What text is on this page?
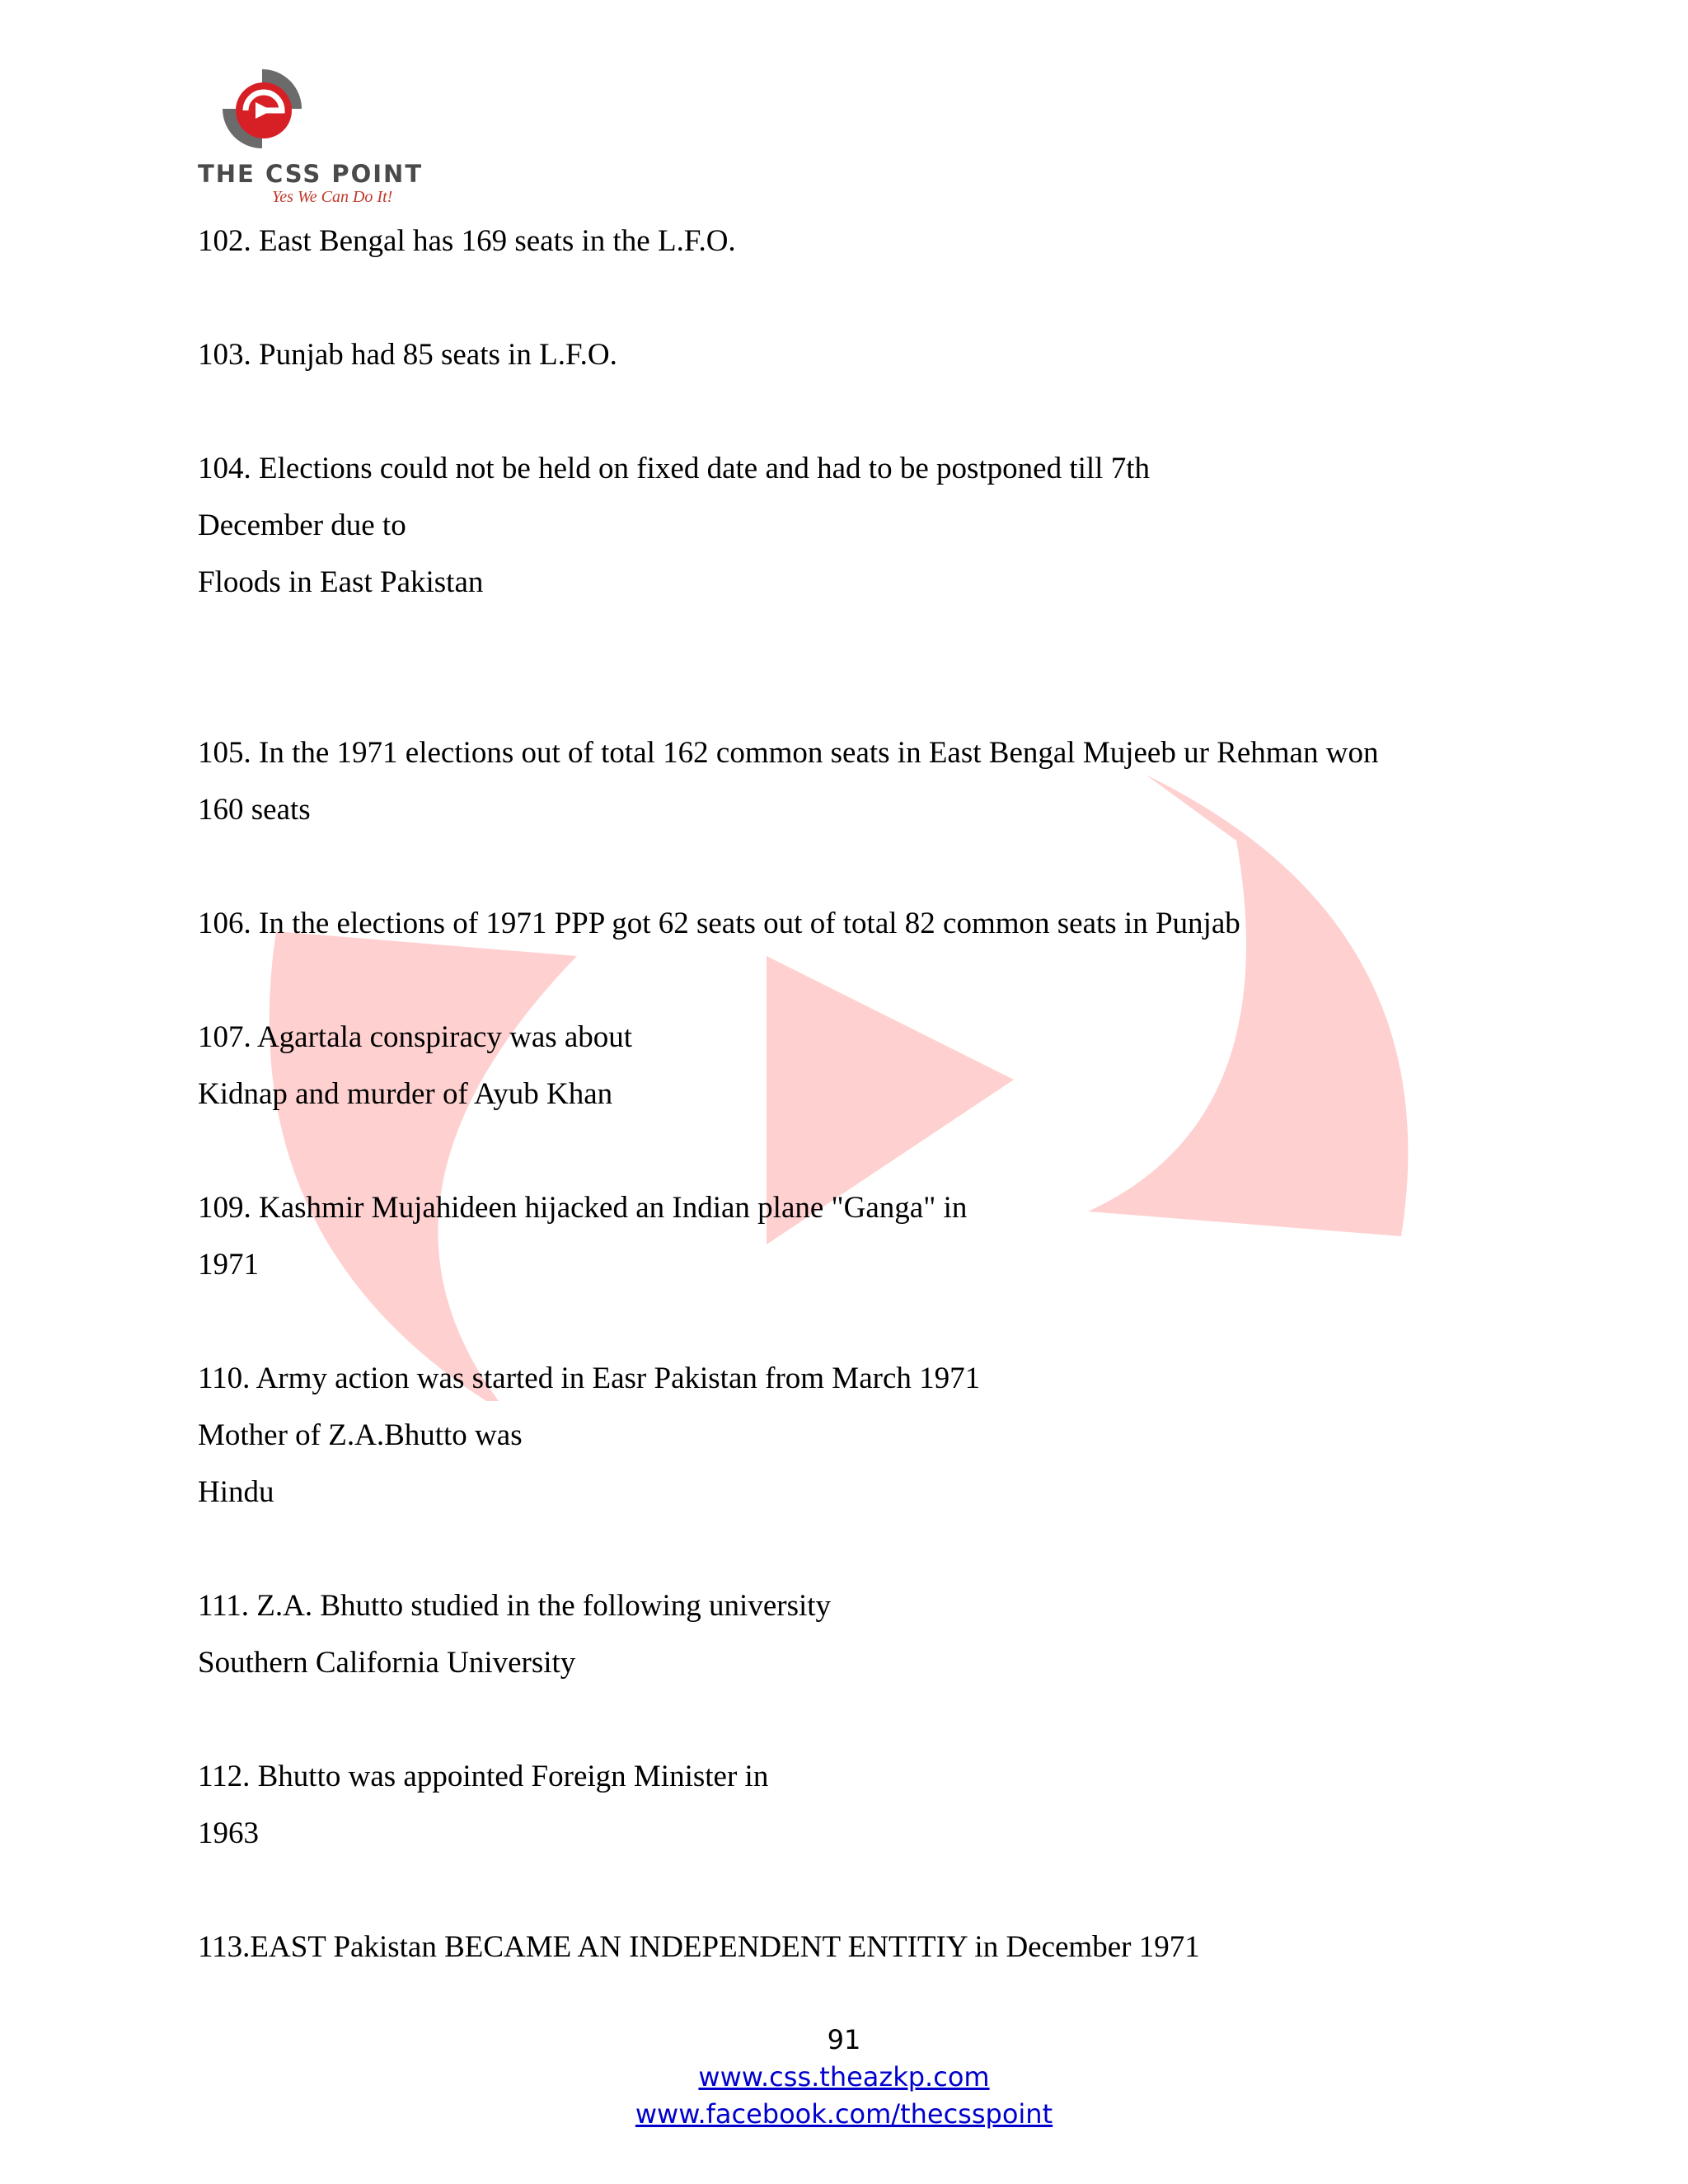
THE CSS POINT
Yes We Can Do It!

102. East Bengal has 169 seats in the L.F.O.

103. Punjab had 85 seats in L.F.O.

104. Elections could not be held on fixed date and had to be postponed till 7th

December due to

Floods in East Pakistan

105. In the 1971 elections out of total 162 common seats in East Bengal Mujeeb ur Rehman won

160 seats

106. In the elections of 1971 PPP got 62 seats out of total 82 common seats in Punjab

107. Agartala conspiracy was about

Kidnap and murder of Ayub Khan

109. Kashmir Mujahideen hijacked an Indian plane "Ganga" in

1971

110. Army action was started in Easr Pakistan from March 1971

Mother of Z.A.Bhutto was

Hindu

111. Z.A. Bhutto studied in the following university

Southern California University

112. Bhutto was appointed Foreign Minister in

1963

113.EAST Pakistan BECAME AN INDEPENDENT ENTITIY in December 1971

91
www.css.theazkp.com
www.facebook.com/thecsspoint
